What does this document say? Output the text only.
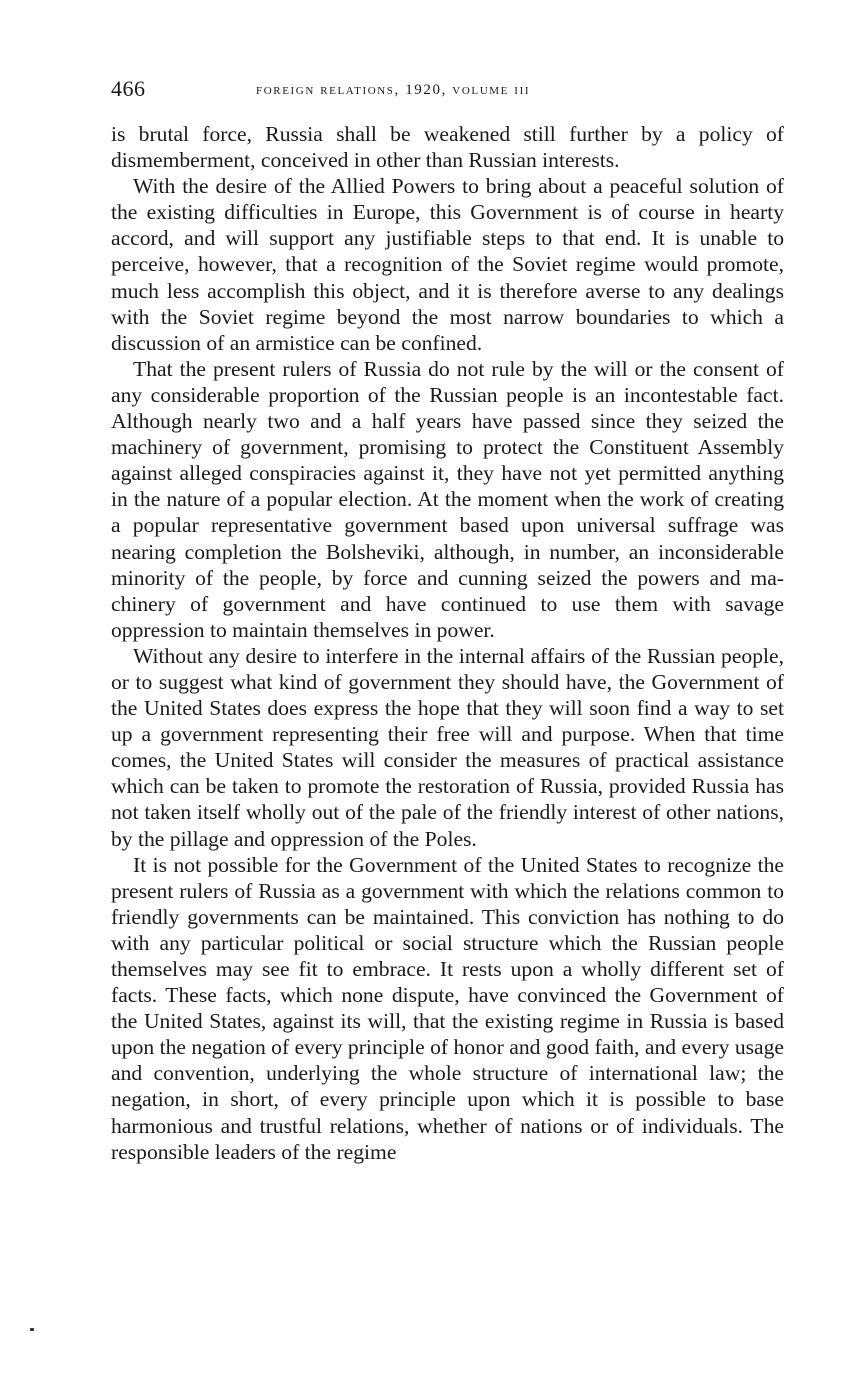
466	foreign relations, 1920, volume iii

is brutal force, Russia shall be weakened still further by a policy of dismemberment, conceived in other than Russian interests.

With the desire of the Allied Powers to bring about a peaceful solution of the existing difficulties in Europe, this Government is of course in hearty accord, and will support any justifiable steps to that end. It is unable to perceive, however, that a recognition of the Soviet regime would promote, much less accomplish this object, and it is therefore averse to any dealings with the Soviet regime beyond the most narrow boundaries to which a discussion of an armistice can be confined.

That the present rulers of Russia do not rule by the will or the consent of any considerable proportion of the Russian people is an incontestable fact. Although nearly two and a half years have passed since they seized the machinery of government, promising to protect the Constituent Assembly against alleged conspiracies against it, they have not yet permitted anything in the nature of a popular election. At the moment when the work of creating a popular representative government based upon universal suffrage was nearing completion the Bolsheviki, although, in number, an inconsiderable minority of the people, by force and cunning seized the powers and machinery of government and have continued to use them with savage oppression to maintain themselves in power.

Without any desire to interfere in the internal affairs of the Russian people, or to suggest what kind of government they should have, the Government of the United States does express the hope that they will soon find a way to set up a government representing their free will and purpose. When that time comes, the United States will consider the measures of practical assistance which can be taken to promote the restoration of Russia, provided Russia has not taken itself wholly out of the pale of the friendly interest of other nations, by the pillage and oppression of the Poles.

It is not possible for the Government of the United States to recognize the present rulers of Russia as a government with which the relations common to friendly governments can be maintained. This conviction has nothing to do with any particular political or social structure which the Russian people themselves may see fit to embrace. It rests upon a wholly different set of facts. These facts, which none dispute, have convinced the Government of the United States, against its will, that the existing regime in Russia is based upon the negation of every principle of honor and good faith, and every usage and convention, underlying the whole structure of international law; the negation, in short, of every principle upon which it is possible to base harmonious and trustful relations, whether of nations or of individuals. The responsible leaders of the regime
